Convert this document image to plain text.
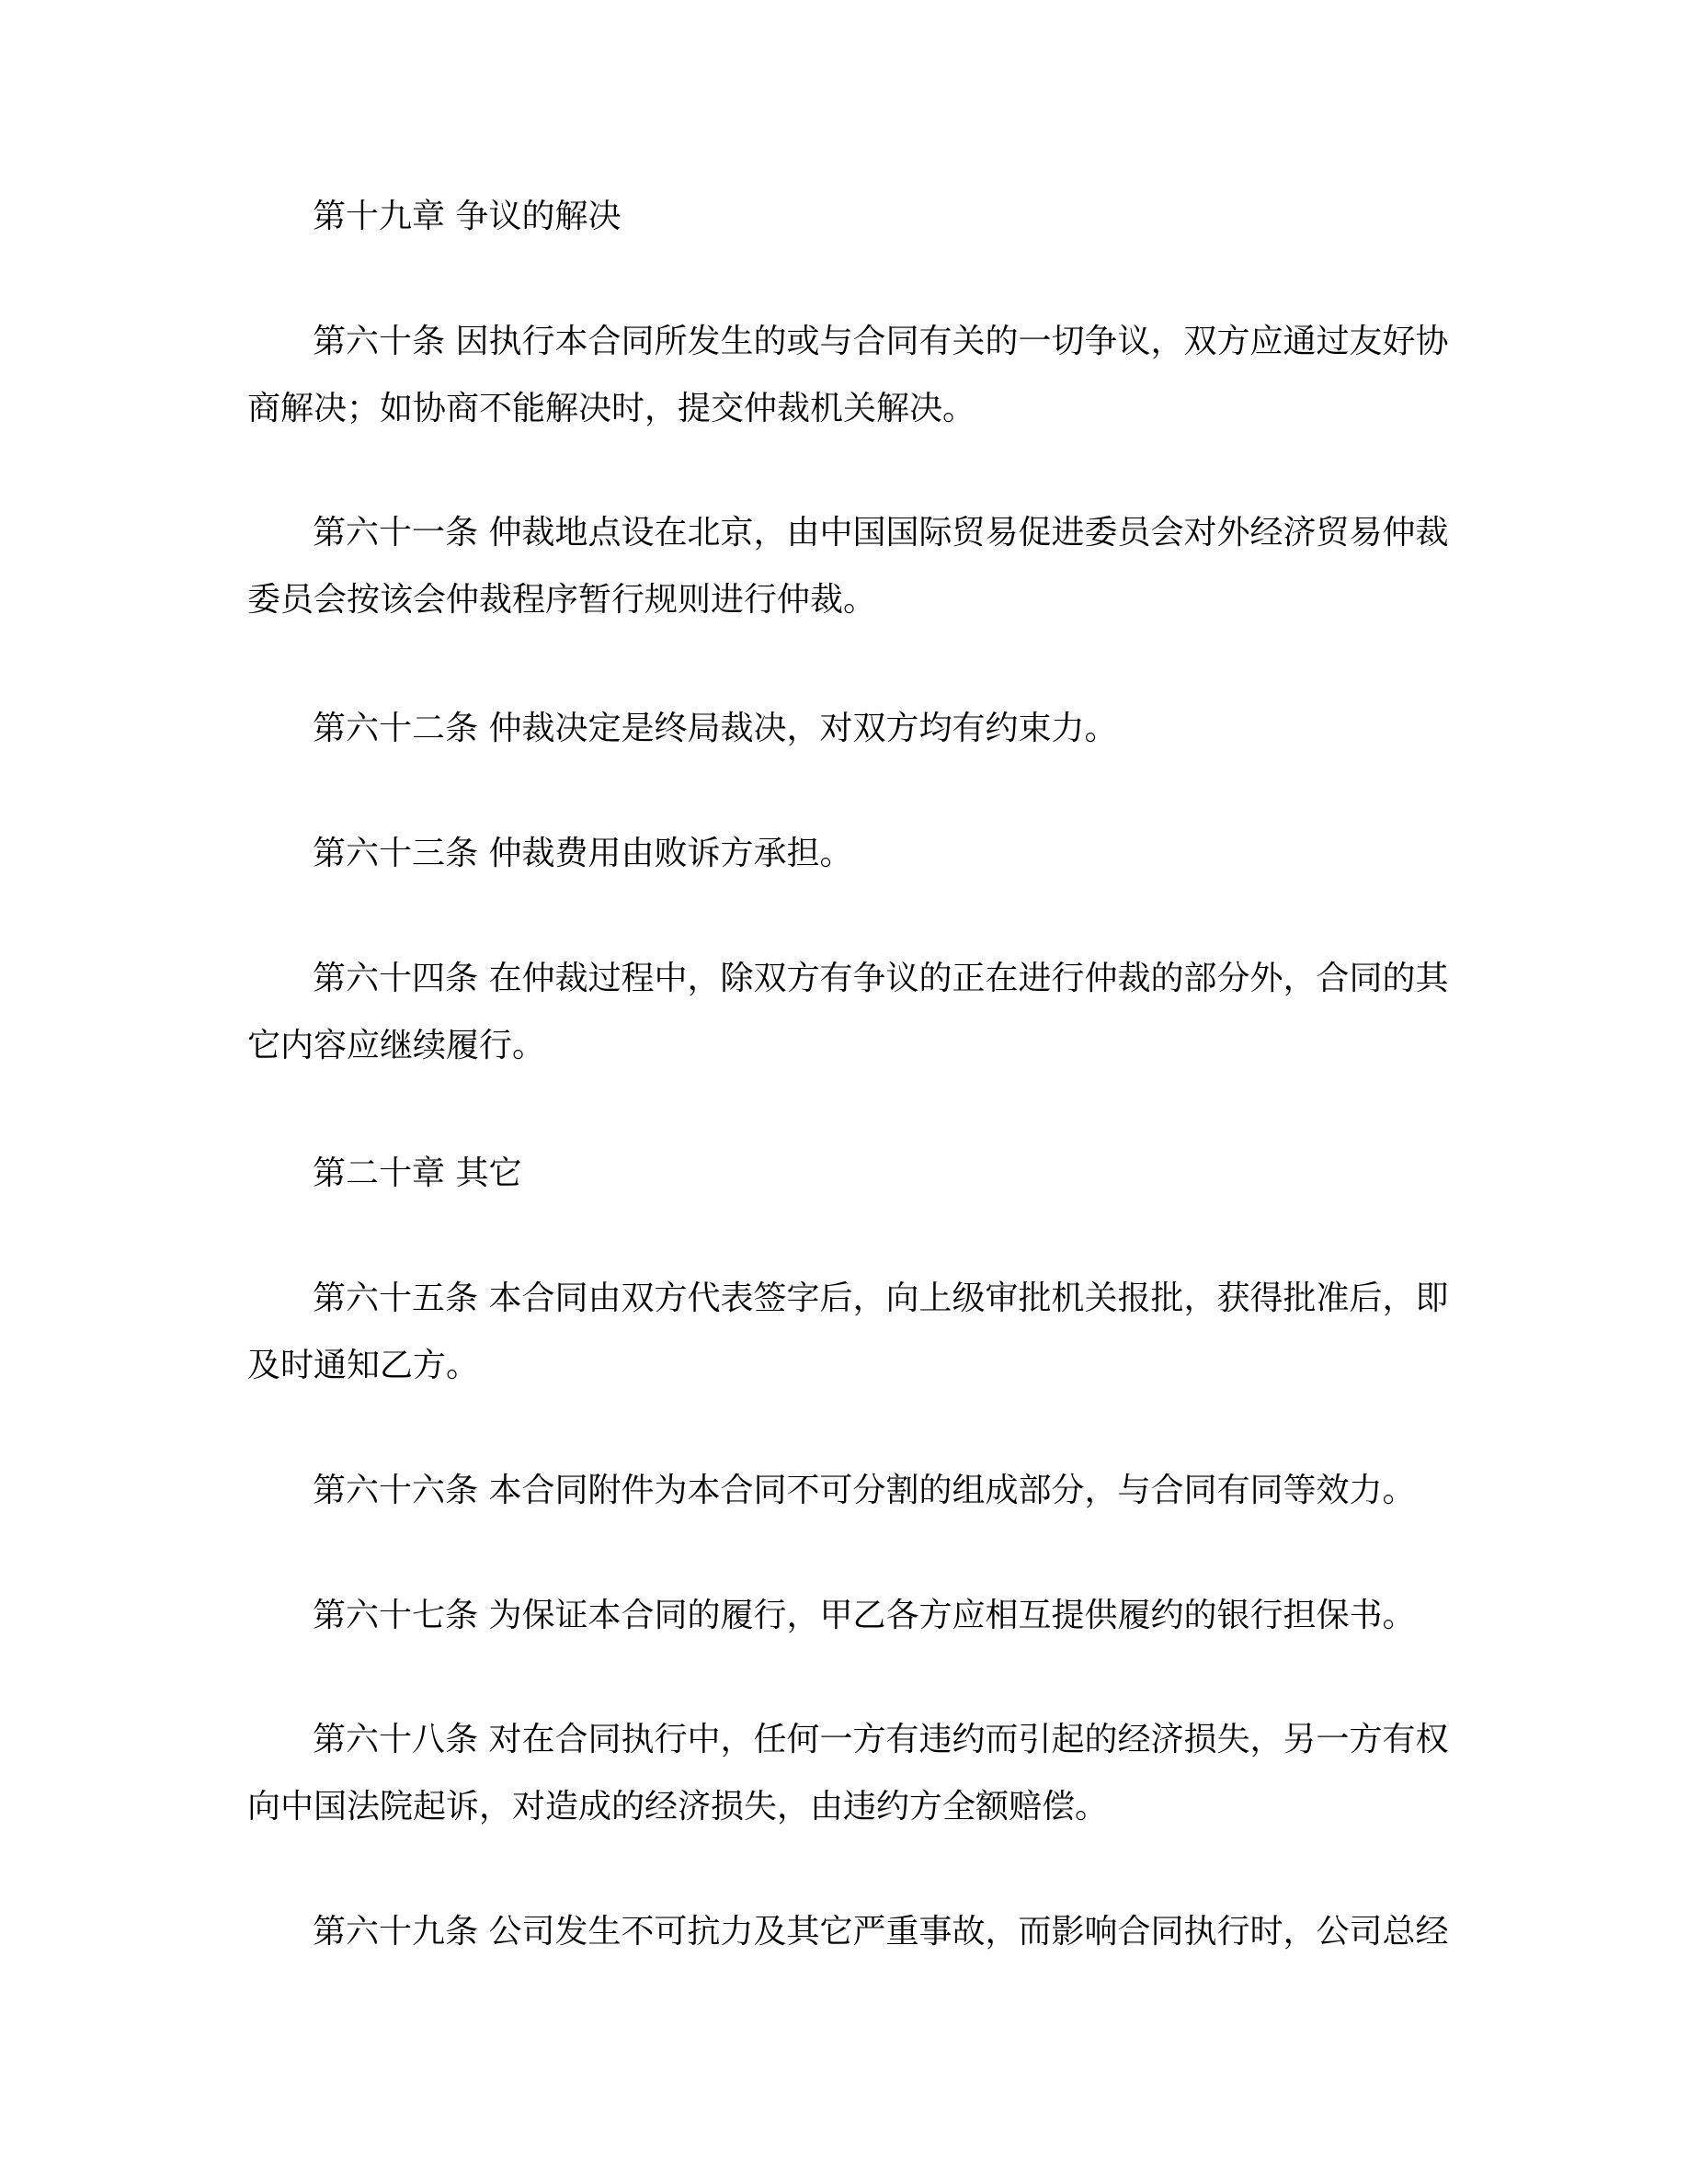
第十九章 争议的解决
第六十条 因执行本合同所发生的或与合同有关的一切争议，双方应通过友好协
商解决；如协商不能解决时，提交仲裁机关解决。
第六十一条 仲裁地点设在北京，由中国国际贸易促进委员会对外经济贸易仲裁
委员会按该会仲裁程序暂行规则进行仲裁。
第六十二条 仲裁决定是终局裁决，对双方均有约束力。
第六十三条 仲裁费用由败诉方承担。
第六十四条 在仲裁过程中，除双方有争议的正在进行仲裁的部分外，合同的其
它内容应继续履行。
第二十章 其它
第六十五条 本合同由双方代表签字后，向上级审批机关报批，获得批准后，即
及时通知乙方。
第六十六条 本合同附件为本合同不可分割的组成部分，与合同有同等效力。
第六十七条 为保证本合同的履行，甲乙各方应相互提供履约的银行担保书。
第六十八条 对在合同执行中，任何一方有违约而引起的经济损失，另一方有权
向中国法院起诉，对造成的经济损失，由违约方全额赔偿。
第六十九条 公司发生不可抗力及其它严重事故，而影响合同执行时，公司总经
